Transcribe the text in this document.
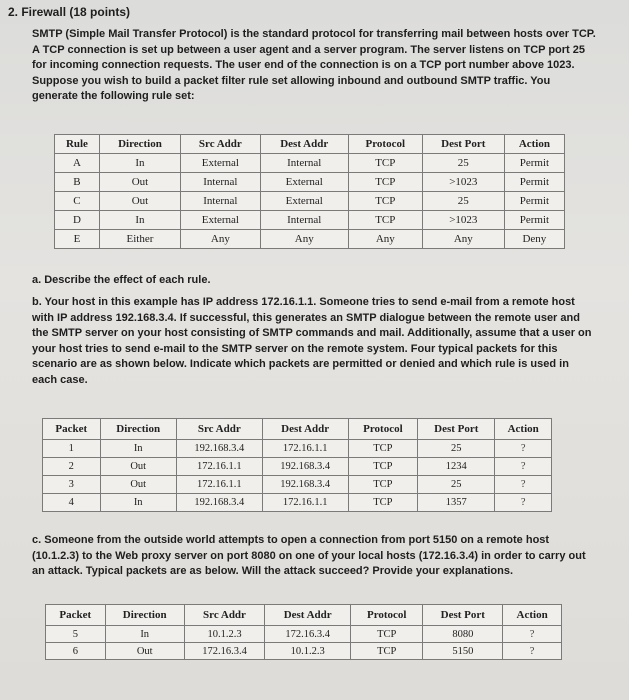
2. Firewall (18 points)

SMTP (Simple Mail Transfer Protocol) is the standard protocol for transferring mail between hosts over TCP. A TCP connection is set up between a user agent and a server program. The server listens on TCP port 25 for incoming connection requests. The user end of the connection is on a TCP port number above 1023. Suppose you wish to build a packet filter rule set allowing inbound and outbound SMTP traffic. You generate the following rule set:

Rule	Direction	Src Addr	Dest Addr	Protocol	Dest Port	Action
A	In	External	Internal	TCP	25	Permit
B	Out	Internal	External	TCP	>1023	Permit
C	Out	Internal	External	TCP	25	Permit
D	In	External	Internal	TCP	>1023	Permit
E	Either	Any	Any	Any	Any	Deny

a. Describe the effect of each rule.

b. Your host in this example has IP address 172.16.1.1. Someone tries to send e-mail from a remote host with IP address 192.168.3.4. If successful, this generates an SMTP dialogue between the remote user and the SMTP server on your host consisting of SMTP commands and mail. Additionally, assume that a user on your host tries to send e-mail to the SMTP server on the remote system. Four typical packets for this scenario are as shown below. Indicate which packets are permitted or denied and which rule is used in each case.

Packet	Direction	Src Addr	Dest Addr	Protocol	Dest Port	Action
1	In	192.168.3.4	172.16.1.1	TCP	25	?
2	Out	172.16.1.1	192.168.3.4	TCP	1234	?
3	Out	172.16.1.1	192.168.3.4	TCP	25	?
4	In	192.168.3.4	172.16.1.1	TCP	1357	?

c. Someone from the outside world attempts to open a connection from port 5150 on a remote host (10.1.2.3) to the Web proxy server on port 8080 on one of your local hosts (172.16.3.4) in order to carry out an attack. Typical packets are as below. Will the attack succeed? Provide your explanations.

Packet	Direction	Src Addr	Dest Addr	Protocol	Dest Port	Action
5	In	10.1.2.3	172.16.3.4	TCP	8080	?
6	Out	172.16.3.4	10.1.2.3	TCP	5150	?
